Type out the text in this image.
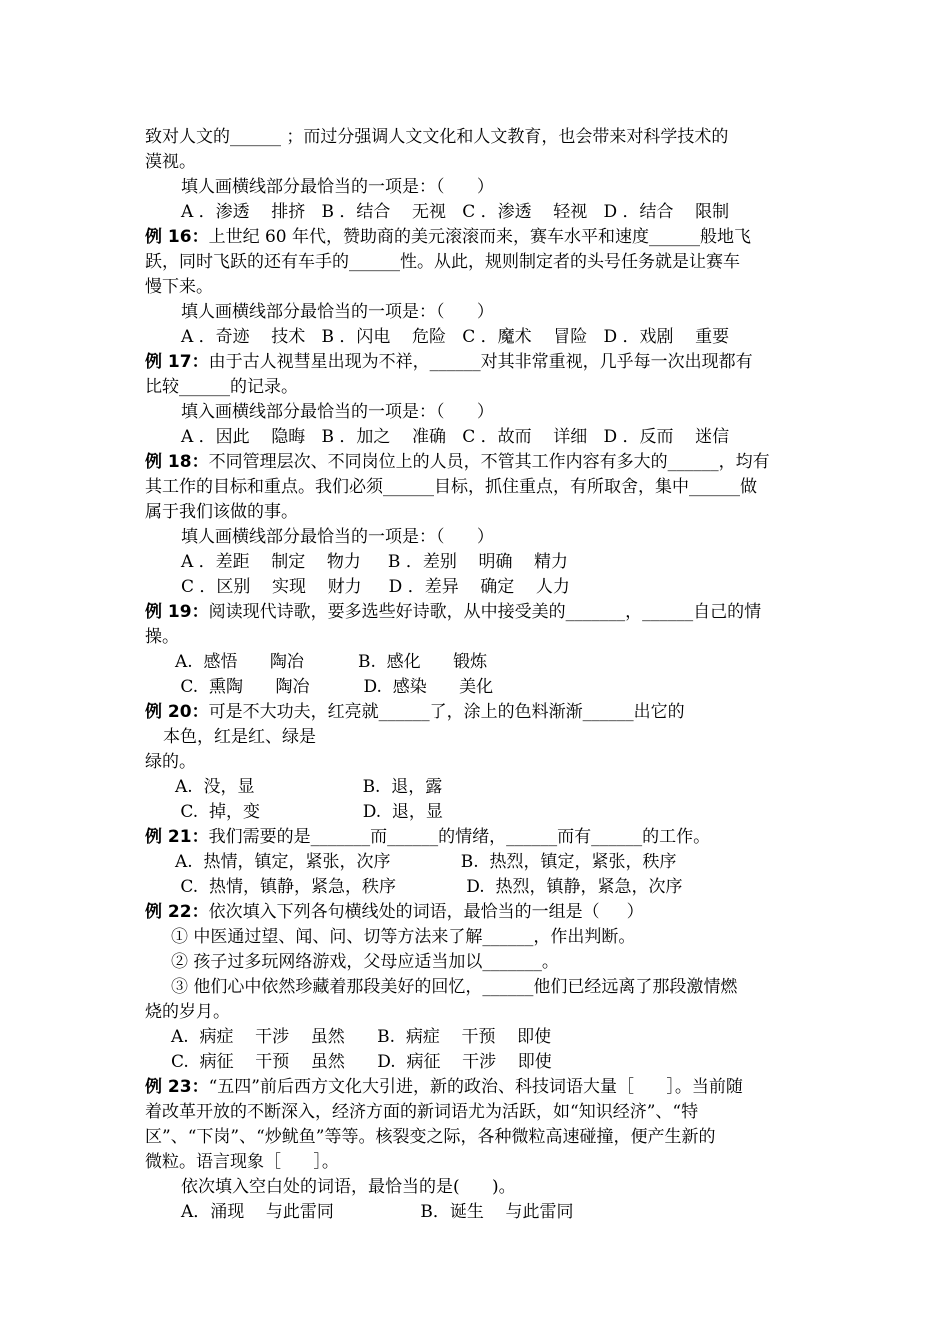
致对人文的______ ；而过分强调人文文化和人文教育，也会带来对科学技术的
漠视。
填人画横线部分最恰当的一项是：（      ）
A ．渗透    排挤   B ．结合    无视   C ．渗透    轻视   D ．结合    限制
例 16：上世纪 60 年代，赞助商的美元滚滚而来，赛车水平和速度______般地飞
跃，同时飞跃的还有车手的______性。从此，规则制定者的头号任务就是让赛车
慢下来。
填人画横线部分最恰当的一项是：（      ）
A ．奇迹    技术   B ．闪电    危险   C ．魔术    冒险   D ．戏剧    重要
例 17：由于古人视彗星出现为不祥，______对其非常重视，几乎每一次出现都有
比较______的记录。
填入画横线部分最恰当的一项是：（      ）
A ．因此    隐晦   B ．加之    准确   C ．故而    详细   D ．反而    迷信
例 18：不同管理层次、不同岗位上的人员，不管其工作内容有多大的______，均有
其工作的目标和重点。我们必须______目标，抓住重点，有所取舍，集中______做
属于我们该做的事。
填人画横线部分最恰当的一项是：（      ）
A ．差距    制定    物力     B ．差别    明确    精力
C ．区别    实现    财力     D ．差异    确定    人力
例 19：阅读现代诗歌，要多选些好诗歌，从中接受美的_______，______自己的情
操。
A.  感悟      陶冶          B.  感化      锻炼
C.  熏陶      陶冶          D.  感染      美化
例 20：可是不大功夫，红亮就______了，涂上的色料渐渐______出它的
本色，红是红、绿是
绿的。
A.  没，显                    B.  退，露
C.  掉，变                   D.  退，显
例 21：我们需要的是_______而______的情绪，______而有______的工作。
A.  热情，镇定，紧张，次序             B.  热烈，镇定，紧张，秩序
C.  热情，镇静，紧急，秩序             D.  热烈，镇静，紧急，次序
例 22：依次填入下列各句横线处的词语，最恰当的一组是（     ）
① 中医通过望、闻、问、切等方法来了解______，作出判断。
② 孩子过多玩网络游戏，父母应适当加以_______。
③ 他们心中依然珍藏着那段美好的回忆，______他们已经远离了那段激情燃
烧的岁月。
A.  病症    干涉    虽然      B.  病症    干预    即使
C.  病征    干预    虽然      D.  病征    干涉    即使
例 23：“五四”前后西方文化大引进，新的政治、科技词语大量［      ］。当前随
着改革开放的不断深入，经济方面的新词语尤为活跃，如“知识经济”、“特
区”、“下岗”、“炒鱿鱼”等等。核裂变之际，各种微粒高速碰撞，便产生新的
微粒。语言现象［      ］。
依次填入空白处的词语，最恰当的是(      )。
A．涌现    与此雷同                B．诞生    与此雷同
